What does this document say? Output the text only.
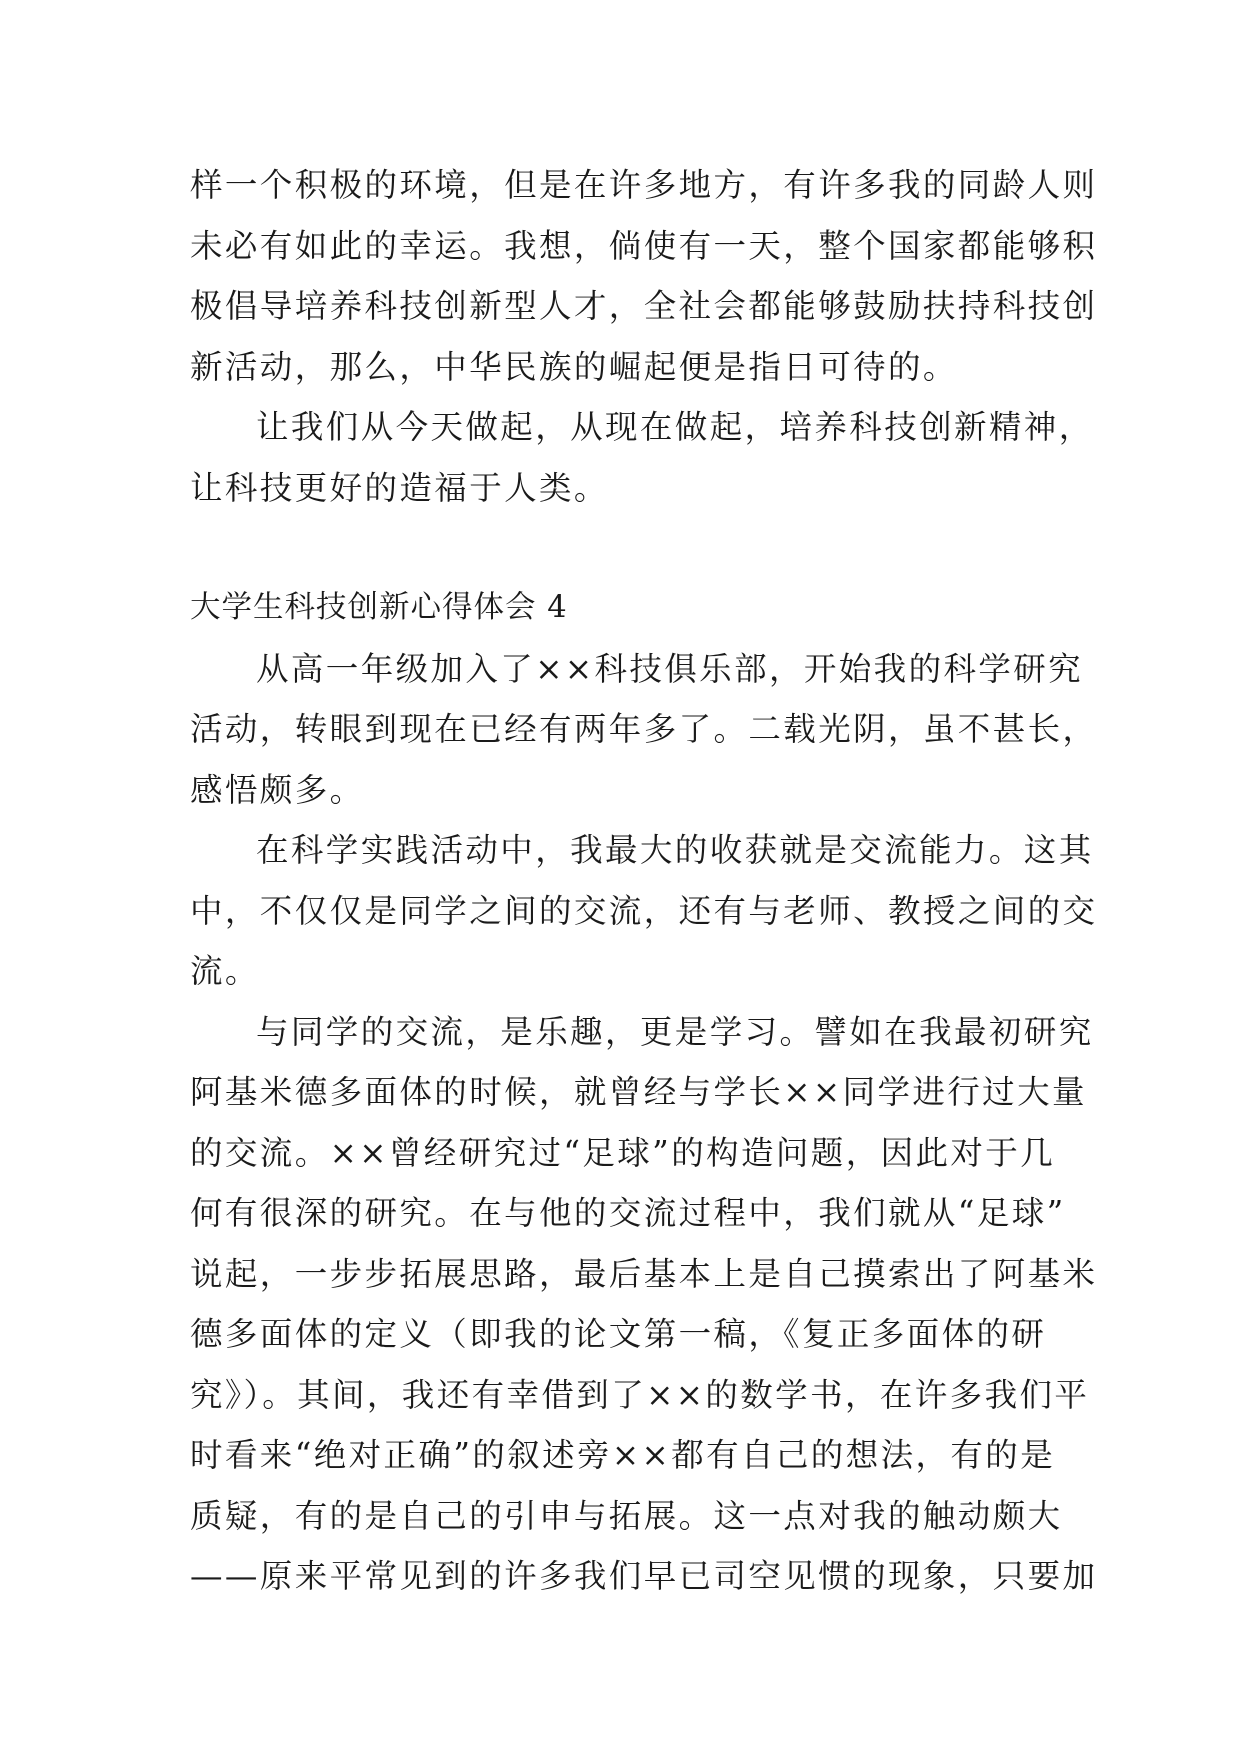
样一个积极的环境，但是在许多地方，有许多我的同龄人则
未必有如此的幸运。我想，倘使有一天，整个国家都能够积
极倡导培养科技创新型人才，全社会都能够鼓励扶持科技创
新活动，那么，中华民族的崛起便是指日可待的。
让我们从今天做起，从现在做起，培养科技创新精神，
让科技更好的造福于人类。
大学生科技创新心得体会 4
从高一年级加入了××科技俱乐部，开始我的科学研究
活动，转眼到现在已经有两年多了。二载光阴，虽不甚长，
感悟颇多。
在科学实践活动中，我最大的收获就是交流能力。这其
中，不仅仅是同学之间的交流，还有与老师、教授之间的交
流。
与同学的交流，是乐趣，更是学习。譬如在我最初研究
阿基米德多面体的时候，就曾经与学长××同学进行过大量
的交流。××曾经研究过“足球”的构造问题，因此对于几
何有很深的研究。在与他的交流过程中，我们就从“足球”
说起，一步步拓展思路，最后基本上是自己摸索出了阿基米
德多面体的定义（即我的论文第一稿，《复正多面体的研
究》）。其间，我还有幸借到了××的数学书，在许多我们平
时看来“绝对正确”的叙述旁××都有自己的想法，有的是
质疑，有的是自己的引申与拓展。这一点对我的触动颇大
——原来平常见到的许多我们早已司空见惯的现象，只要加
